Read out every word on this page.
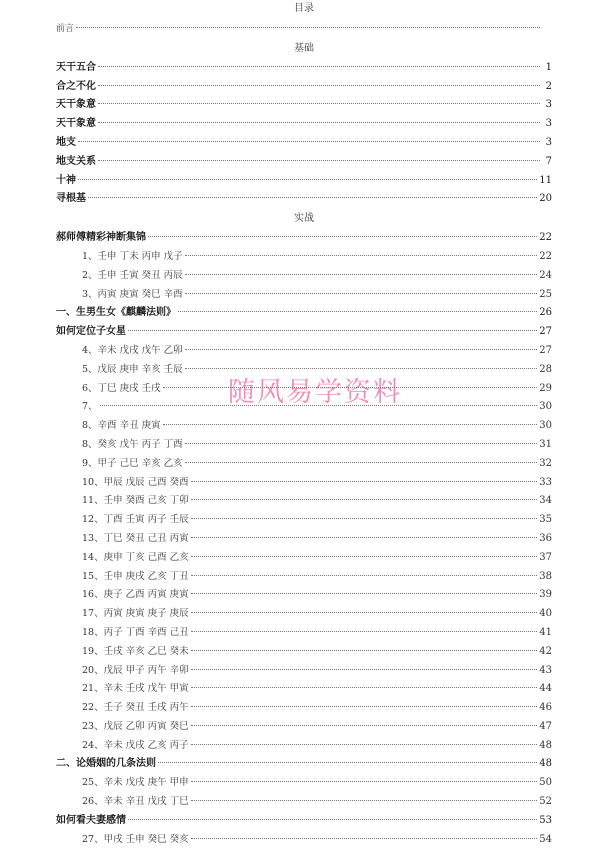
目录
前言
基础
天干五合	1
合之不化	2
天干象意	3
天干象意	3
地支	3
地支关系	7
十神	11
寻根基	20
实战
郝师傅精彩神断集锦	22
1、壬申 丁未 丙申 戊子	22
2、壬申 壬寅 癸丑 丙辰	24
3、丙寅 庚寅 癸巳 辛酉	25
一、生男生女《麒麟法则》	26
如何定位子女星	27
4、辛未 戊戌 戊午 乙卯	27
5、戊辰 庚申 辛亥 壬辰	28
6、丁巳 庚戌 壬戌	29
7、	30
8、辛酉 辛丑 庚寅	30
8、癸亥 戊午 丙子 丁酉	31
9、甲子 己巳 辛亥 乙亥	32
10、甲辰 戊辰 己酉 癸酉	33
11、壬申 癸酉 己亥 丁卯	34
12、丁酉 壬寅 丙子 壬辰	35
13、丁巳 癸丑 己丑 丙寅	36
14、庚申 丁亥 己酉 乙亥	37
15、壬申 庚戌 乙亥 丁丑	38
16、庚子 乙酉 丙寅 庚寅	39
17、丙寅 庚寅 庚子 庚辰	40
18、丙子 丁酉 辛酉 己丑	41
19、壬戌 辛亥 乙巳 癸未	42
20、戊辰 甲子 丙午 辛卯	43
21、辛未 壬戌 戊午 甲寅	44
22、壬子 癸丑 壬戌 丙午	46
23、戊辰 乙卯 丙寅 癸巳	47
24、辛未 戊戌 乙亥 丙子	48
二、论婚姻的几条法则	48
25、辛未 戊戌 庚午 甲申	50
26、辛未 辛丑 戊戌 丁巳	52
如何看夫妻感情	53
27、甲戌 壬申 癸巳 癸亥	54
随风易学资料
